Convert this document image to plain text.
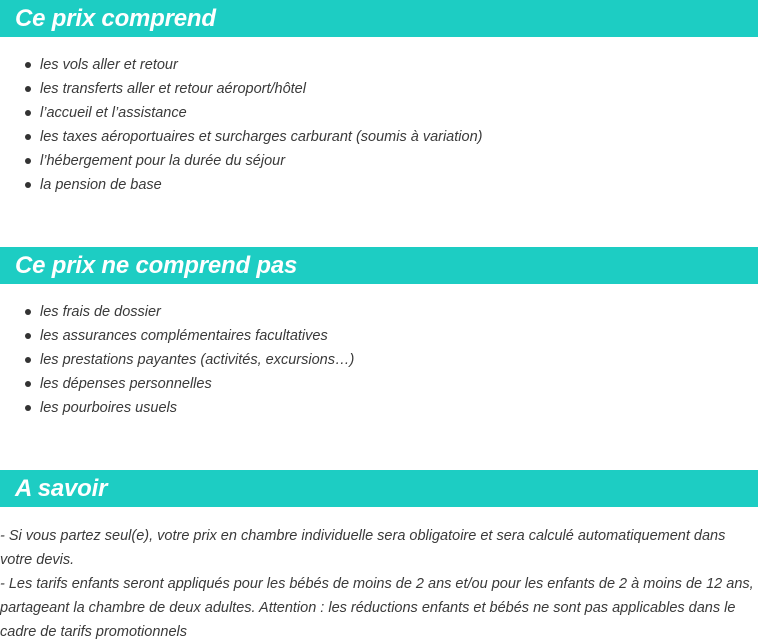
Ce prix comprend
les vols aller et retour
les transferts aller et retour aéroport/hôtel
l’accueil et l’assistance
les taxes aéroportuaires et surcharges carburant (soumis à variation)
l’hébergement pour la durée du séjour
la pension de base
Ce prix ne comprend pas
les frais de dossier
les assurances complémentaires facultatives
les prestations payantes (activités, excursions…)
les dépenses personnelles
les pourboires usuels
A savoir

- Si vous partez seul(e), votre prix en chambre individuelle sera obligatoire et sera calculé automatiquement dans votre devis.

- Les tarifs enfants seront appliqués pour les bébés de moins de 2 ans et/ou pour les enfants de 2 à moins de 12 ans, partageant la chambre de deux adultes. Attention : les réductions enfants et bébés ne sont pas applicables dans le cadre de tarifs promotionnels
